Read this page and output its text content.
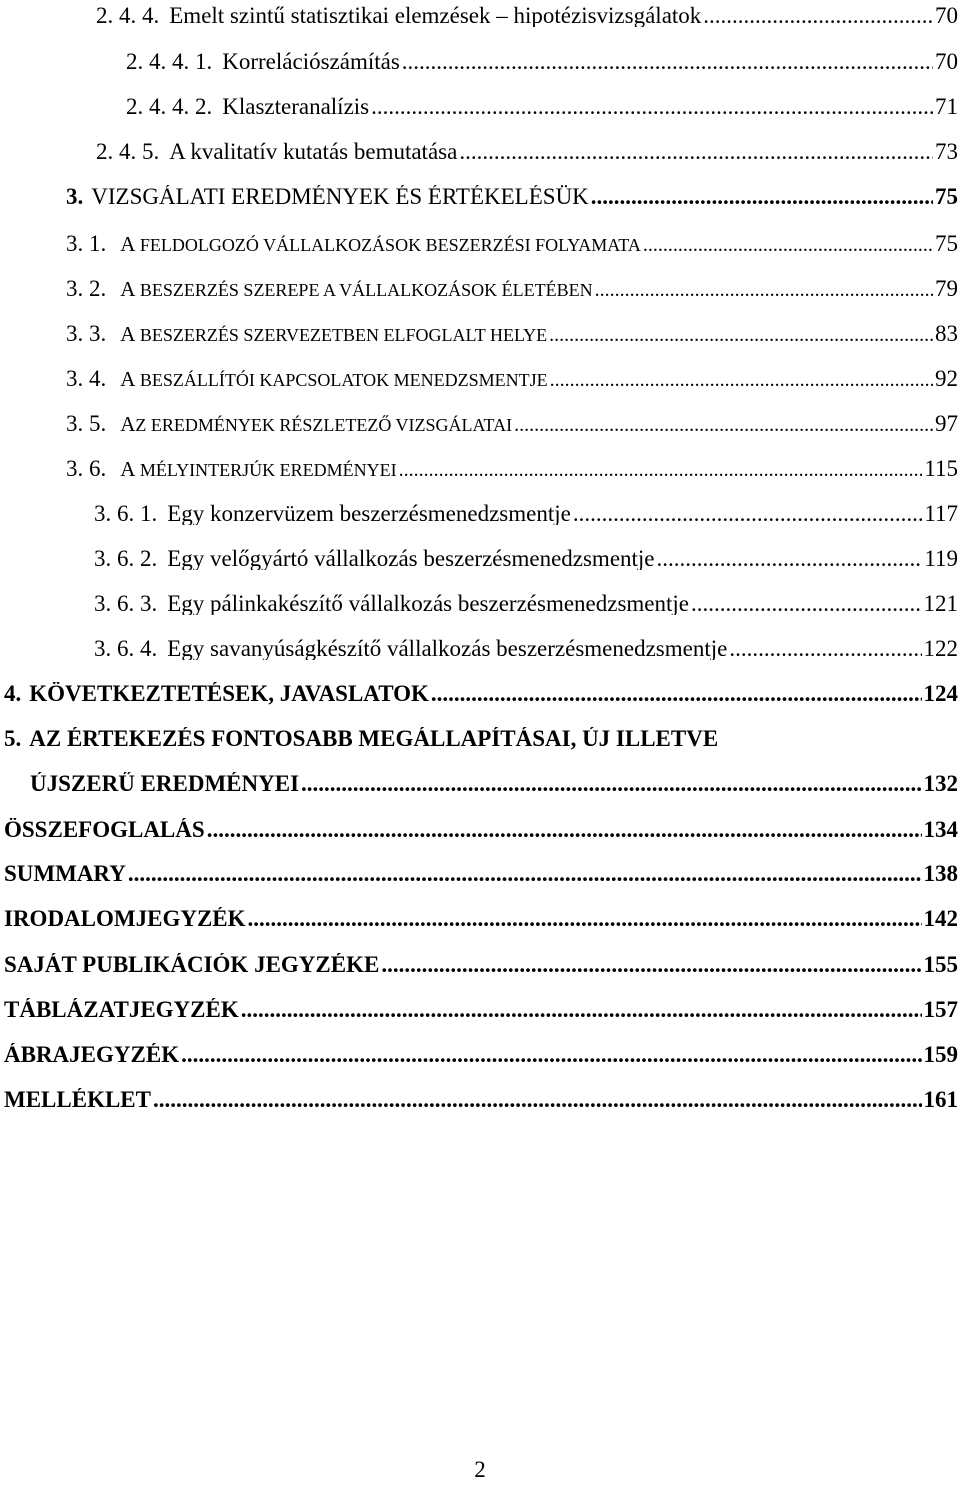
2. 4. 4. Emelt szintű statisztikai elemzések – hipotézisvizsgálatok .....	70
2. 4. 4. 1. Korrelációszámítás .....	70
2. 4. 4. 2. Klaszteranalízis .....	71
2. 4. 5. A kvalitatív kutatás bemutatása .....	73
3. VIZSGÁLATI EREDMÉNYEK ÉS ÉRTÉKELÉSÜK .....	75
3. 1. A FELDOLGOZÓ VÁLLALKOZÁSOK BESZERZÉSI FOLYAMATA .....	75
3. 2. A BESZERZÉS SZEREPE A VÁLLALKOZÁSOK ÉLETÉBEN .....	79
3. 3. A BESZERZÉS SZERVEZETBEN ELFOGLALT HELYE .....	83
3. 4. A BESZÁLLÍTÓI KAPCSOLATOK MENEDZSMENTJE .....	92
3. 5. AZ EREDMÉNYEK RÉSZLETEZŐ VIZSGÁLATAI .....	97
3. 6. A MÉLYINTERJÚK EREDMÉNYEI .....	115
3. 6. 1. Egy konzervüzem beszerzésmenedzsmentje .....	117
3. 6. 2. Egy velőgyártó vállalkozás beszerzésmenedzsmentje .....	119
3. 6. 3. Egy pálinkakészítő vállalkozás beszerzésmenedzsmentje .....	121
3. 6. 4. Egy savanyúságkészítő vállalkozás beszerzésmenedzsmentje .....	122
4. KÖVETKEZTETÉSEK, JAVASLATOK .....	124
5. AZ ÉRTEKEZÉS FONTOSABB MEGÁLLAPÍTÁSAI, ÚJ ILLETVE
ÚJSZERŰ EREDMÉNYEI .....	132
ÖSSZEFOGLALÁS .....	134
SUMMARY .....	138
IRODALOMJEGYZÉK .....	142
SAJÁT PUBLIKÁCIÓK JEGYZÉKE .....	155
TÁBLÁZATJEGYZÉK .....	157
ÁBRAJEGYZÉK .....	159
MELLÉKLET .....	161
2
